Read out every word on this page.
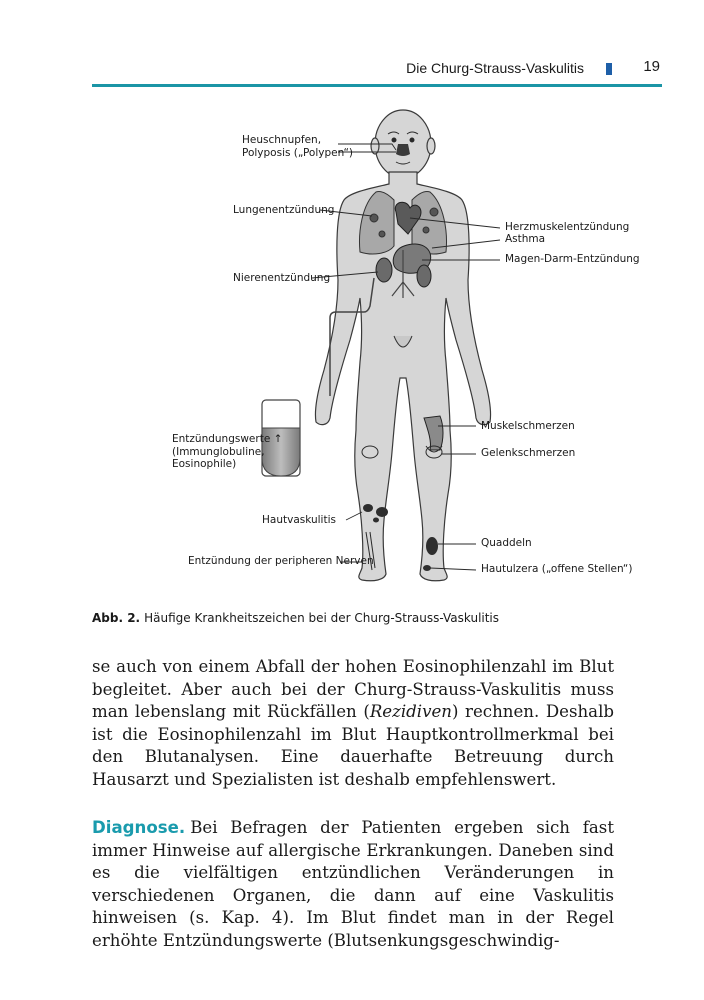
Die Churg-Strauss-Vaskulitis	19
Heuschnupfen,
Polyposis („Polypen“)
Lungenentzündung
Herzmuskelentzündung
Asthma
Magen-Darm-Entzündung
Nierenentzündung
Entzündungswerte ↑
(Immunglobuline,
Eosinophile)
Muskelschmerzen
Gelenkschmerzen
Hautvaskulitis
Quaddeln
Entzündung der peripheren Nerven
Hautulzera („offene Stellen“)
Abb. 2. Häufige Krankheitszeichen bei der Churg-Strauss-Vaskulitis

se auch von einem Abfall der hohen Eosinophilenzahl im Blut begleitet. Aber auch bei der Churg-Strauss-Vaskulitis muss man lebenslang mit Rückfällen (Rezidiven) rechnen. Deshalb ist die Eosinophilenzahl im Blut Hauptkontrollmerkmal bei den Blutanalysen. Eine dauerhafte Betreuung durch Hausarzt und Spezialisten ist deshalb empfehlenswert.

Diagnose. Bei Befragen der Patienten ergeben sich fast immer Hinweise auf allergische Erkrankungen. Daneben sind es die vielfältigen entzündlichen Veränderungen in verschiedenen Organen, die dann auf eine Vaskulitis hinweisen (s. Kap. 4). Im Blut findet man in der Regel erhöhte Entzündungswerte (Blutsenkungsgeschwindig-
